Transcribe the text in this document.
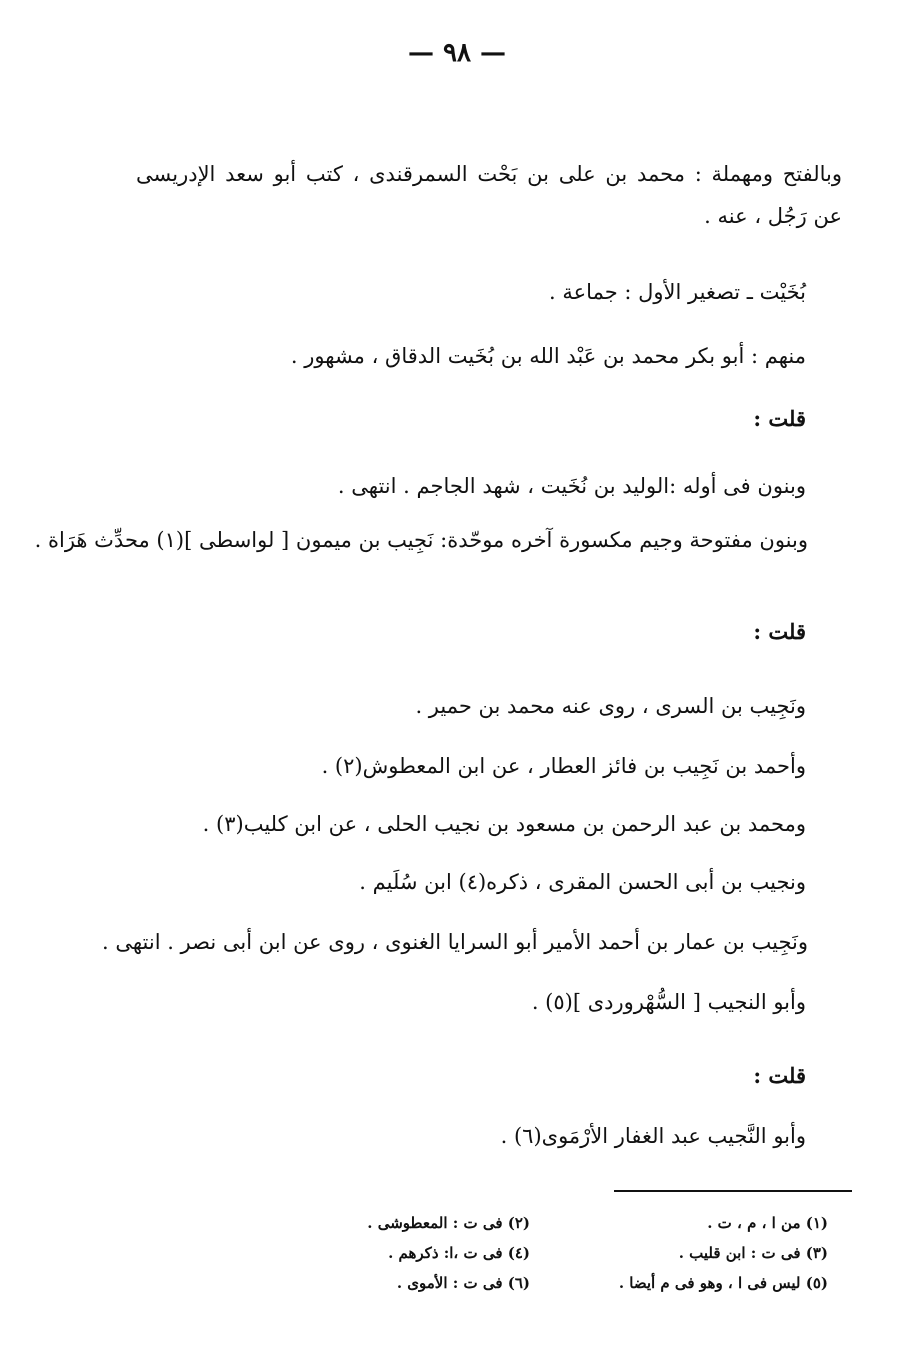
— ٩٨ —
وبالفتح ومهملة : محمد بن على بن بَحْت السمرقندى ، كتب أبو سعد الإدريسى
عن رَجُل ، عنه .
بُخَيْت ـ تصغير الأول : جماعة .
منهم : أبو بكر محمد بن عَبْد الله بن بُخَيت الدقاق ، مشهور .
قلت :
وبنون فى أوله :الوليد بن نُخَيت ، شهد الجاجم . انتهى .
وبنون مفتوحة وجيم مكسورة آخره موحّدة: نَجِيب بن ميمون [ لواسطى ](١) محدِّث هَرَاة .
قلت :
ونَجِيب بن السرى ، روى عنه محمد بن حمير .
وأحمد بن نَجِيب بن فائز العطار ، عن ابن المعطوش(٢) .
ومحمد بن عبد الرحمن بن مسعود بن نجيب الحلى ، عن ابن كليب(٣) .
ونجيب بن أبى الحسن المقرى ، ذكره(٤) ابن سُلَيم .
ونَجِيب بن عمار بن أحمد الأمير أبو السرايا الغنوى ، روى عن ابن أبى نصر . انتهى .
وأبو النجيب [ السُّهْروردى ](٥) .
قلت :
وأبو النَّجيب عبد الغفار الأرْمَوى(٦) .
(١) من ا ، م ، ت .
(٢) فى ت : المعطوشى .
(٣) فى ت : ابن قليب .
(٤) فى ت ،ا: ذكرهم .
(٥) ليس فى ا ، وهو فى م أيضا .
(٦) فى ت : الأموى .
